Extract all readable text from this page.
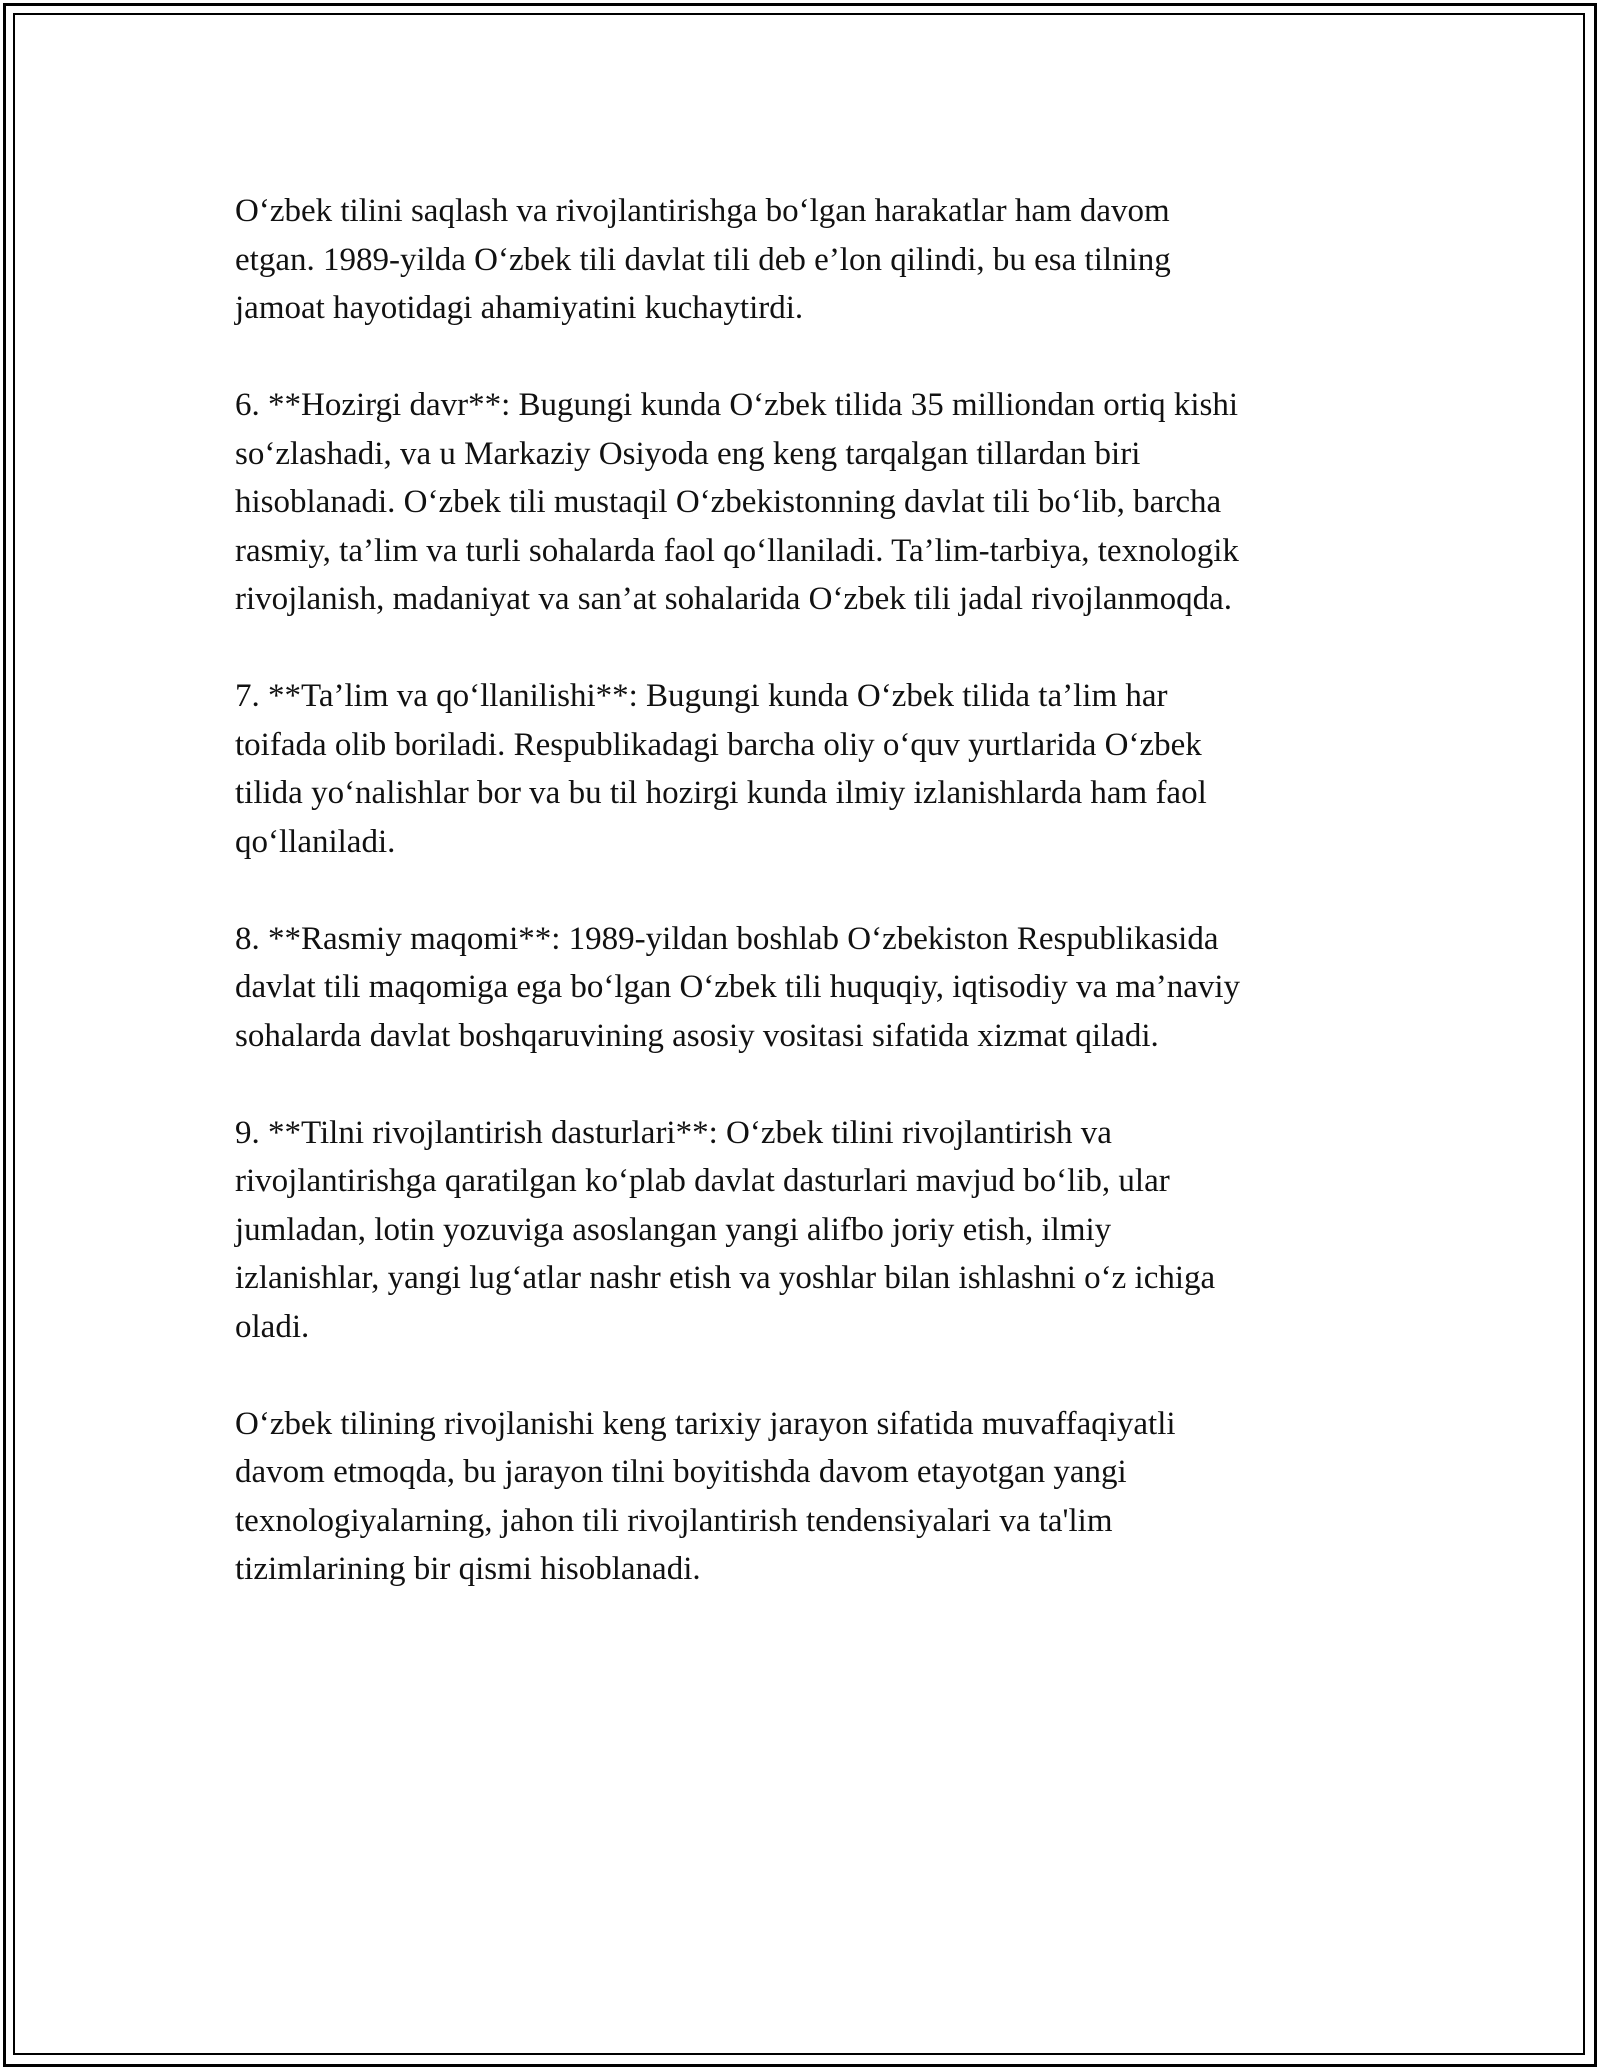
O‘zbek tilini saqlash va rivojlantirishga bo‘lgan harakatlar ham davom
etgan. 1989-yilda O‘zbek tili davlat tili deb e’lon qilindi, bu esa tilning
jamoat hayotidagi ahamiyatini kuchaytirdi.

6. **Hozirgi davr**: Bugungi kunda O‘zbek tilida 35 milliondan ortiq kishi
so‘zlashadi, va u Markaziy Osiyoda eng keng tarqalgan tillardan biri
hisoblanadi. O‘zbek tili mustaqil O‘zbekistonning davlat tili bo‘lib, barcha
rasmiy, ta’lim va turli sohalarda faol qo‘llaniladi. Ta’lim-tarbiya, texnologik
rivojlanish, madaniyat va san’at sohalarida O‘zbek tili jadal rivojlanmoqda.

7. **Ta’lim va qo‘llanilishi**: Bugungi kunda O‘zbek tilida ta’lim har
toifada olib boriladi. Respublikadagi barcha oliy o‘quv yurtlarida O‘zbek
tilida yo‘nalishlar bor va bu til hozirgi kunda ilmiy izlanishlarda ham faol
qo‘llaniladi.

8. **Rasmiy maqomi**: 1989-yildan boshlab O‘zbekiston Respublikasida
davlat tili maqomiga ega bo‘lgan O‘zbek tili huquqiy, iqtisodiy va ma’naviy
sohalarda davlat boshqaruvining asosiy vositasi sifatida xizmat qiladi.

9. **Tilni rivojlantirish dasturlari**: O‘zbek tilini rivojlantirish va
rivojlantirishga qaratilgan ko‘plab davlat dasturlari mavjud bo‘lib, ular
jumladan, lotin yozuviga asoslangan yangi alifbo joriy etish, ilmiy
izlanishlar, yangi lug‘atlar nashr etish va yoshlar bilan ishlashni o‘z ichiga
oladi.

O‘zbek tilining rivojlanishi keng tarixiy jarayon sifatida muvaffaqiyatli
davom etmoqda, bu jarayon tilni boyitishda davom etayotgan yangi
texnologiyalarning, jahon tili rivojlantirish tendensiyalari va ta'lim
tizimlarining bir qismi hisoblanadi.
